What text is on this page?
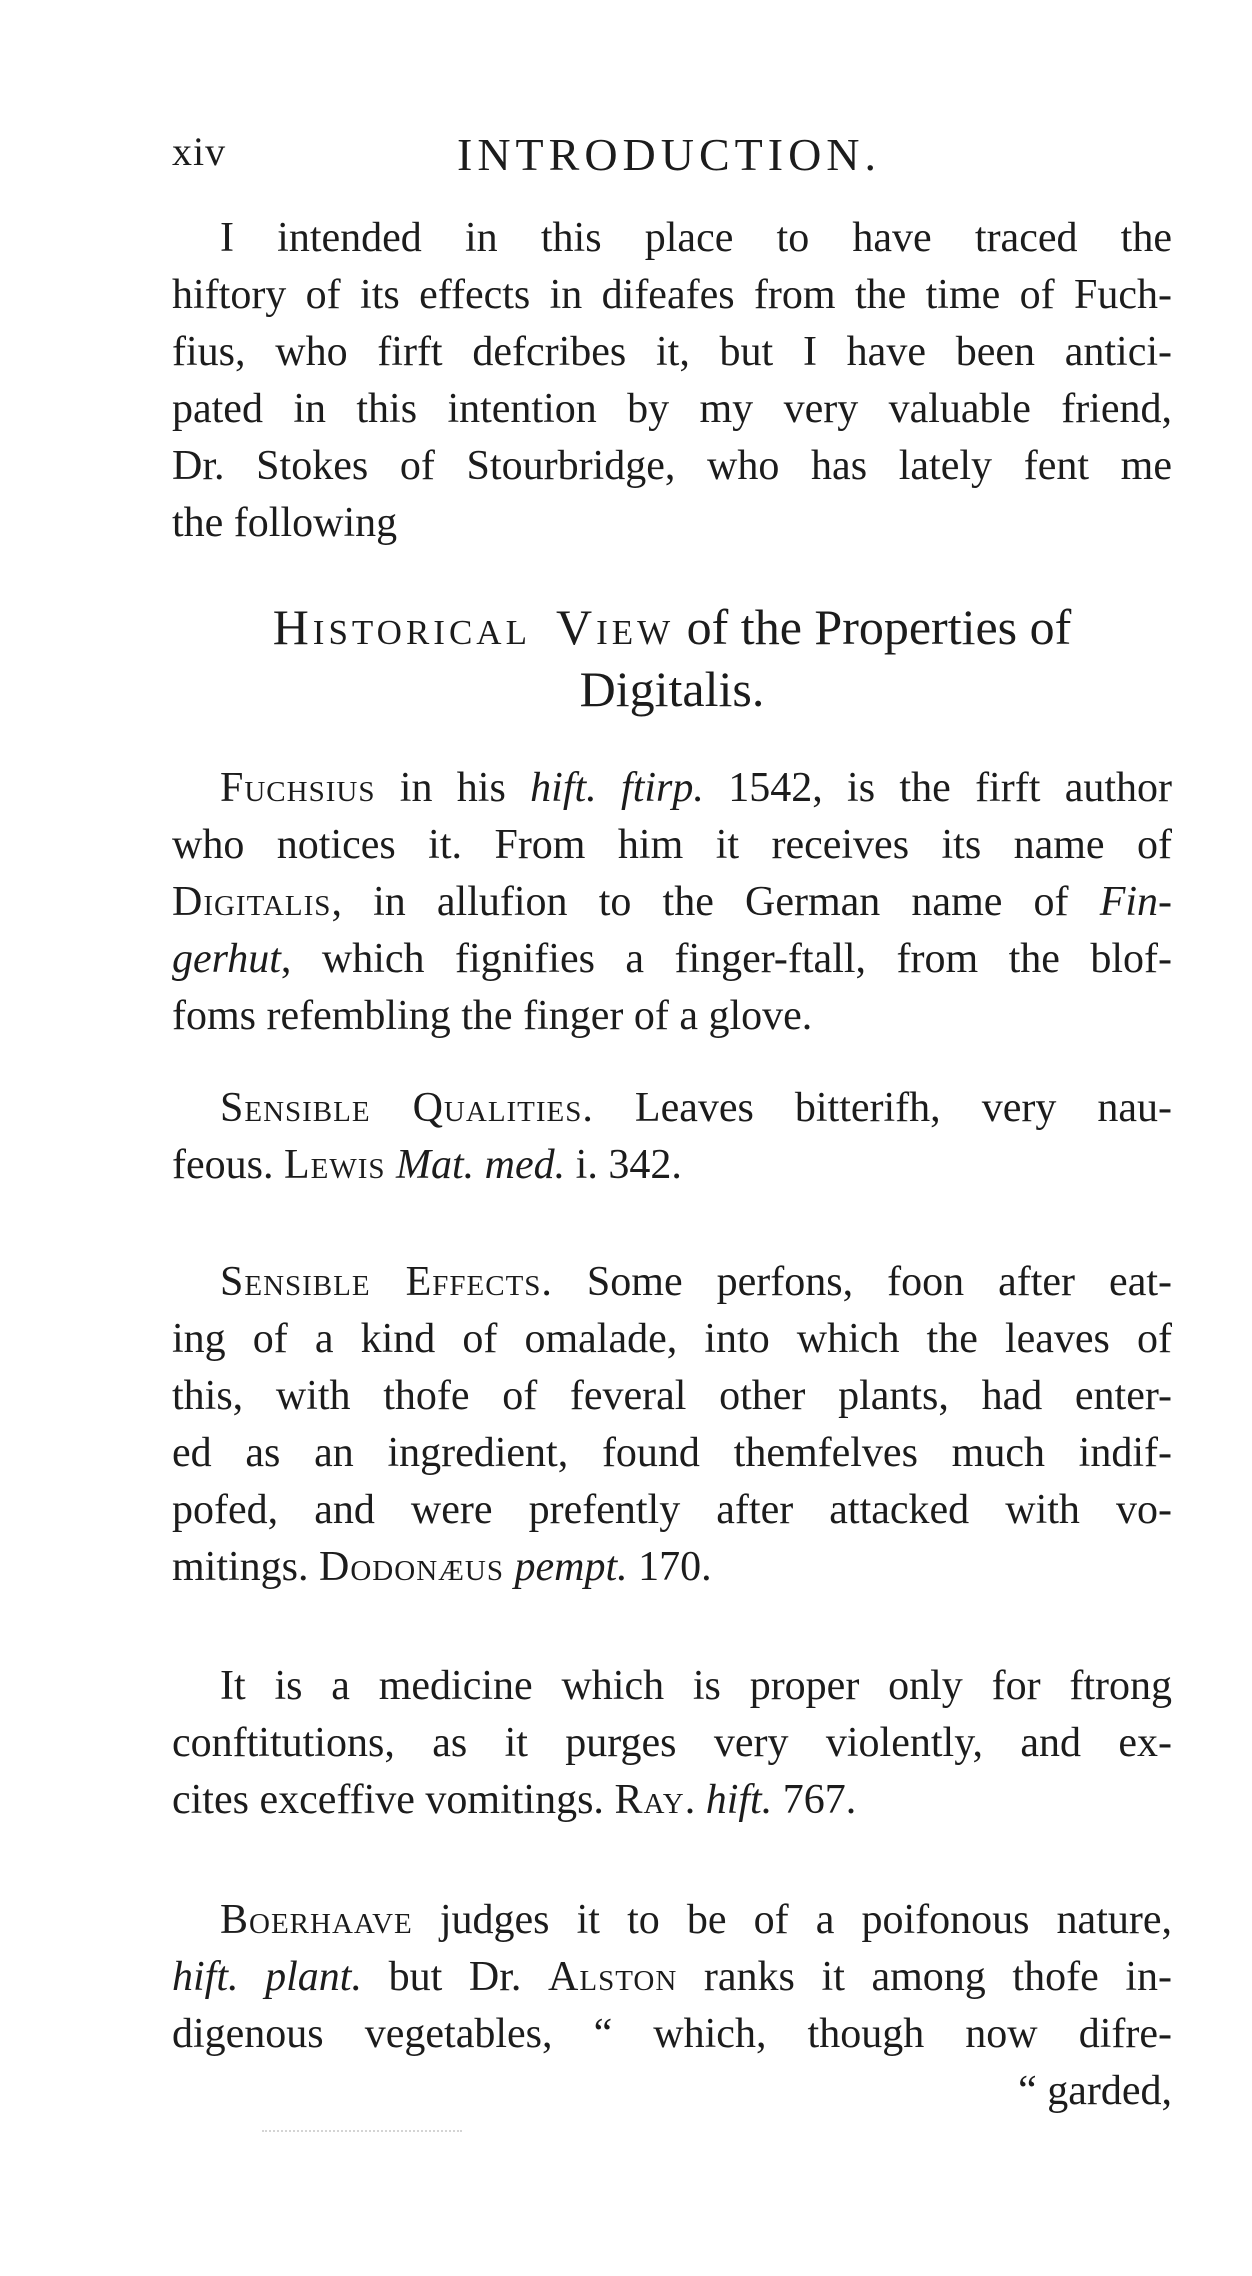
xiv	INTRODUCTION.
I intended in this place to have traced the
hiftory of its effects in difeafes from the time of Fuch-
fius, who firft defcribes it, but I have been antici-
pated in this intention by my very valuable friend,
Dr. Stokes of Stourbridge, who has lately fent me
the following
Historical View of the Properties of
Digitalis.
Fuchsius in his hift. ftirp. 1542, is the firft author
who notices it. From him it receives its name of
Digitalis, in allufion to the German name of Fin-
gerhut, which fignifies a finger-ftall, from the blof-
foms refembling the finger of a glove.
Sensible Qualities. Leaves bitterifh, very nau-
feous. Lewis Mat. med. i. 342.
Sensible Effects. Some perfons, foon after eat-
ing of a kind of omalade, into which the leaves of
this, with thofe of feveral other plants, had enter-
ed as an ingredient, found themfelves much indif-
pofed, and were prefently after attacked with vo-
mitings. Dodonæus pempt. 170.
It is a medicine which is proper only for ftrong
conftitutions, as it purges very violently, and ex-
cites exceffive vomitings. Ray. hift. 767.
Boerhaave judges it to be of a poifonous nature,
hift. plant. but Dr. Alston ranks it among thofe in-
digenous vegetables, “ which, though now difre-
“ garded,
